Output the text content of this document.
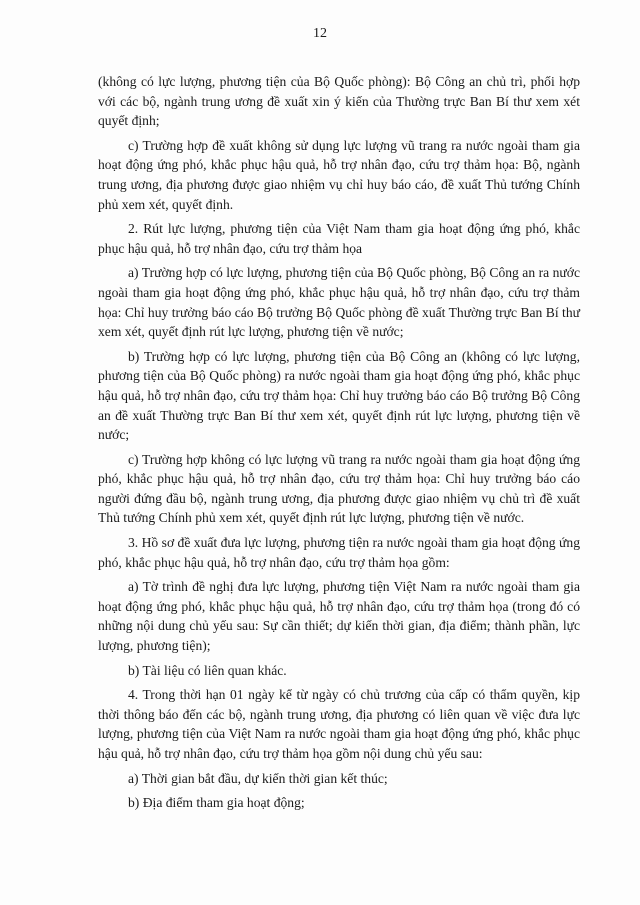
12

(không có lực lượng, phương tiện của Bộ Quốc phòng): Bộ Công an chủ trì, phối hợp với các bộ, ngành trung ương đề xuất xin ý kiến của Thường trực Ban Bí thư xem xét quyết định;

c) Trường hợp đề xuất không sử dụng lực lượng vũ trang ra nước ngoài tham gia hoạt động ứng phó, khắc phục hậu quả, hỗ trợ nhân đạo, cứu trợ thảm họa: Bộ, ngành trung ương, địa phương được giao nhiệm vụ chỉ huy báo cáo, đề xuất Thủ tướng Chính phủ xem xét, quyết định.

2. Rút lực lượng, phương tiện của Việt Nam tham gia hoạt động ứng phó, khắc phục hậu quả, hỗ trợ nhân đạo, cứu trợ thảm họa

a) Trường hợp có lực lượng, phương tiện của Bộ Quốc phòng, Bộ Công an ra nước ngoài tham gia hoạt động ứng phó, khắc phục hậu quả, hỗ trợ nhân đạo, cứu trợ thảm họa: Chỉ huy trưởng báo cáo Bộ trưởng Bộ Quốc phòng đề xuất Thường trực Ban Bí thư xem xét, quyết định rút lực lượng, phương tiện về nước;

b) Trường hợp có lực lượng, phương tiện của Bộ Công an (không có lực lượng, phương tiện của Bộ Quốc phòng) ra nước ngoài tham gia hoạt động ứng phó, khắc phục hậu quả, hỗ trợ nhân đạo, cứu trợ thảm họa: Chỉ huy trưởng báo cáo Bộ trưởng Bộ Công an đề xuất Thường trực Ban Bí thư xem xét, quyết định rút lực lượng, phương tiện về nước;

c) Trường hợp không có lực lượng vũ trang ra nước ngoài tham gia hoạt động ứng phó, khắc phục hậu quả, hỗ trợ nhân đạo, cứu trợ thảm họa: Chỉ huy trưởng báo cáo người đứng đầu bộ, ngành trung ương, địa phương được giao nhiệm vụ chủ trì đề xuất Thủ tướng Chính phủ xem xét, quyết định rút lực lượng, phương tiện về nước.

3. Hồ sơ đề xuất đưa lực lượng, phương tiện ra nước ngoài tham gia hoạt động ứng phó, khắc phục hậu quả, hỗ trợ nhân đạo, cứu trợ thảm họa gồm:

a) Tờ trình đề nghị đưa lực lượng, phương tiện Việt Nam ra nước ngoài tham gia hoạt động ứng phó, khắc phục hậu quả, hỗ trợ nhân đạo, cứu trợ thảm họa (trong đó có những nội dung chủ yếu sau: Sự cần thiết; dự kiến thời gian, địa điểm; thành phần, lực lượng, phương tiện);

b) Tài liệu có liên quan khác.

4. Trong thời hạn 01 ngày kể từ ngày có chủ trương của cấp có thẩm quyền, kịp thời thông báo đến các bộ, ngành trung ương, địa phương có liên quan về việc đưa lực lượng, phương tiện của Việt Nam ra nước ngoài tham gia hoạt động ứng phó, khắc phục hậu quả, hỗ trợ nhân đạo, cứu trợ thảm họa gồm nội dung chủ yếu sau:

a) Thời gian bắt đầu, dự kiến thời gian kết thúc;

b) Địa điểm tham gia hoạt động;
